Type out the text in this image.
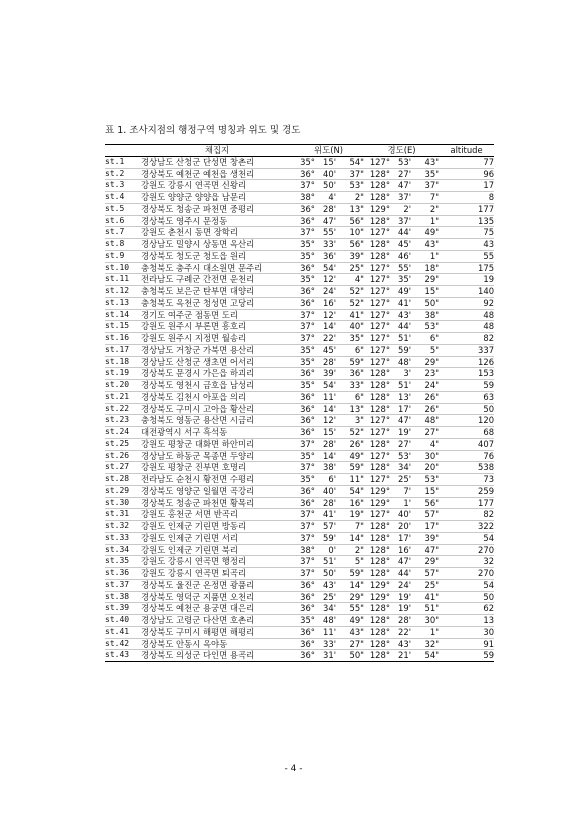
표 1. 조사지점의 행정구역 명칭과 위도 및 경도
	채집지	위도(N)			경도(E)			altitude
st.1	경상남도 산청군 단성면 창촌리	35°	15'	54"	127°	53'	43"	77
st.2	경상북도 예천군 예천읍 생천리	36°	40'	37"	128°	27'	35"	96
st.3	강원도 강릉시 연곡면 신왕리	37°	50'	53"	128°	47'	37"	17
st.4	강원도 양양군 양양읍 남문리	38°	4'	2"	128°	37'	7"	8
st.5	경상북도 청송군 파천면 중평리	36°	28'	13"	129°	2'	2"	177
st.6	경상북도 영주시 문정동	36°	47'	56"	128°	37'	1"	135
st.7	강원도 춘천시 동면 장학리	37°	55'	10"	127°	44'	49"	75
st.8	경상남도 밀양시 상동면 옥산리	35°	33'	56"	128°	45'	43"	43
st.9	경상북도 청도군 청도읍 원리	35°	36'	39"	128°	46'	1"	55
st.10	충청북도 충주시 대소원면 문주리	36°	54'	25"	127°	55'	18"	175
st.11	전라남도 구례군 간전면 운천리	35°	12'	4"	127°	35'	29"	19
st.12	충청북도 보은군 탄부면 대양리	36°	24'	52"	127°	49'	15"	140
st.13	충청북도 옥천군 청성면 고당리	36°	16'	52"	127°	41'	50"	92
st.14	경기도 여주군 점동면 도리	37°	12'	41"	127°	43'	38"	48
st.15	강원도 원주시 부론면 흥호리	37°	14'	40"	127°	44'	53"	48
st.16	강원도 원주시 지정면 월송리	37°	22'	35"	127°	51'	6"	82
st.17	경상남도 거창군 가북면 용산리	35°	45'	6"	127°	59'	5"	337
st.18	경상남도 산청군 생초면 어서리	35°	28'	59"	127°	48'	29"	126
st.19	경상북도 문경시 가은읍 하괴리	36°	39'	36"	128°	3'	23"	153
st.20	경상북도 영천시 금호읍 남성리	35°	54'	33"	128°	51'	24"	59
st.21	경상북도 김천시 아포읍 의리	36°	11'	6"	128°	13'	26"	63
st.22	경상북도 구미시 고아읍 황산리	36°	14'	13"	128°	17'	26"	50
st.23	충청북도 영동군 용산면 시금리	36°	12'	3"	127°	47'	48"	120
st.24	대전광역시 서구 흑석동	36°	15'	52"	127°	19'	27"	68
st.25	강원도 평창군 대화면 하안미리	37°	28'	26"	128°	27'	4"	407
st.26	경상남도 하동군 목종면 두양리	35°	14'	49"	127°	53'	30"	76
st.27	강원도 평창군 진부면 호명리	37°	38'	59"	128°	34'	20"	538
st.28	전라남도 순천시 황전면 수평리	35°	6'	11"	127°	25'	53"	73
st.29	경상북도 영양군 일월면 곡강리	36°	40'	54"	129°	7'	15"	259
st.30	경상북도 청송군 파천면 황목리	36°	28'	16"	129°	1'	56"	177
st.31	강원도 홍천군 서면 반곡리	37°	41'	19"	127°	40'	57"	82
st.32	강원도 인제군 기린면 방동리	37°	57'	7"	128°	20'	17"	322
st.33	강원도 인제군 기린면 서리	37°	59'	14"	128°	17'	39"	54
st.34	강원도 인제군 기린면 북리	38°	0'	2"	128°	16'	47"	270
st.35	강원도 강릉시 연곡면 행정리	37°	51'	5"	128°	47'	29"	32
st.36	강원도 강릉시 연곡면 퇴곡리	37°	50'	59"	128°	44'	57"	270
st.37	경상북도 울진군 온정면 광품리	36°	43'	14"	129°	24'	25"	54
st.38	경상북도 영덕군 지품면 오천리	36°	25'	29"	129°	19'	41"	50
st.39	경상북도 예천군 용궁면 대은리	36°	34'	55"	128°	19'	51"	62
st.40	경상남도 고령군 다산면 호촌리	35°	48'	49"	128°	28'	30"	13
st.41	경상북도 구미시 해평면 해평리	36°	11'	43"	128°	22'	1"	30
st.42	경상북도 안동시 옥야동	36°	33'	27"	128°	43'	32"	91
st.43	경상북도 의성군 다인면 용곡리	36°	31'	50"	128°	21'	54"	59
- 4 -
